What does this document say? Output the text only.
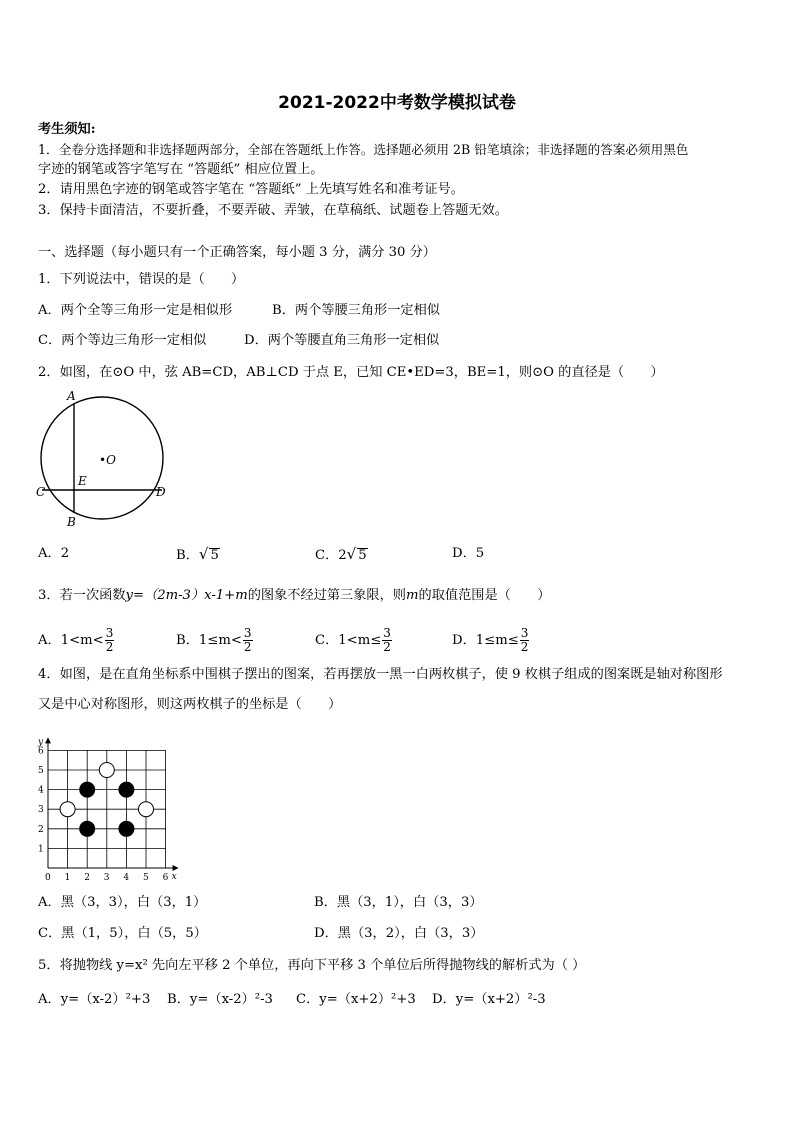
2021-2022中考数学模拟试卷
考生须知:
1．全卷分选择题和非选择题两部分，全部在答题纸上作答。选择题必须用 2B 铅笔填涂；非选择题的答案必须用黑色
字迹的钢笔或答字笔写在 “答题纸” 相应位置上。
2．请用黑色字迹的钢笔或答字笔在 “答题纸” 上先填写姓名和准考证号。
3．保持卡面清洁，不要折叠，不要弄破、弄皱，在草稿纸、试题卷上答题无效。
一、选择题（每小题只有一个正确答案，每小题 3 分，满分 30 分）
1．下列说法中，错误的是（　　）
A．两个全等三角形一定是相似形	B．两个等腰三角形一定相似
C．两个等边三角形一定相似	D．两个等腰直角三角形一定相似
2．如图，在⊙O 中，弦 AB=CD，AB⊥CD 于点 E，已知 CE•ED=3，BE=1，则⊙O 的直径是（　　）
A
B
C	D
E
•O
A．2	B．√ 5	C．2√ 5	D．5
3．若一次函数y=（2m-3）x-1+m的图象不经过第三象限，则m的取值范围是（　　）
A．$1<m< \frac{3}{2}$	B．$1\le m< \frac{3}{2}$	C．$1<m\le \frac{3}{2}$	D．$1\le m\le \frac{3}{2}$
4．如图，是在直角坐标系中围棋子摆出的图案，若再摆放一黑一白两枚棋子，使 9 枚棋子组成的图案既是轴对称图形
又是中心对称图形，则这两枚棋子的坐标是（　　）
0 1 2 3 4 5 6
1
2
3
4
5
6
x
y
A．黑（3，3），白（3，1）	B．黑（3，1），白（3，3）
C．黑（1，5），白（5，5）	D．黑（3，2），白（3，3）
5．将抛物线 y=x² 先向左平移 2 个单位，再向下平移 3 个单位后所得抛物线的解析式为（ ）
A．y=（x-2）²+3 B．y=（x-2）²-3 C．y=（x+2）²+3 D．y=（x+2）²-3
